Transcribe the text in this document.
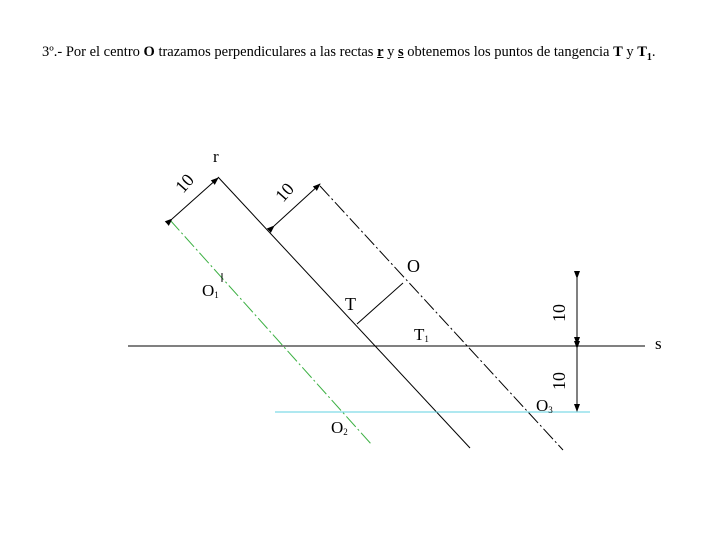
3º.- Por el centro O trazamos perpendiculares a las rectas r y s obtenemos los puntos de tangencia T y $T_1$.
r
s
O
T
T1
O1
O2
O3
10	10
10
10
